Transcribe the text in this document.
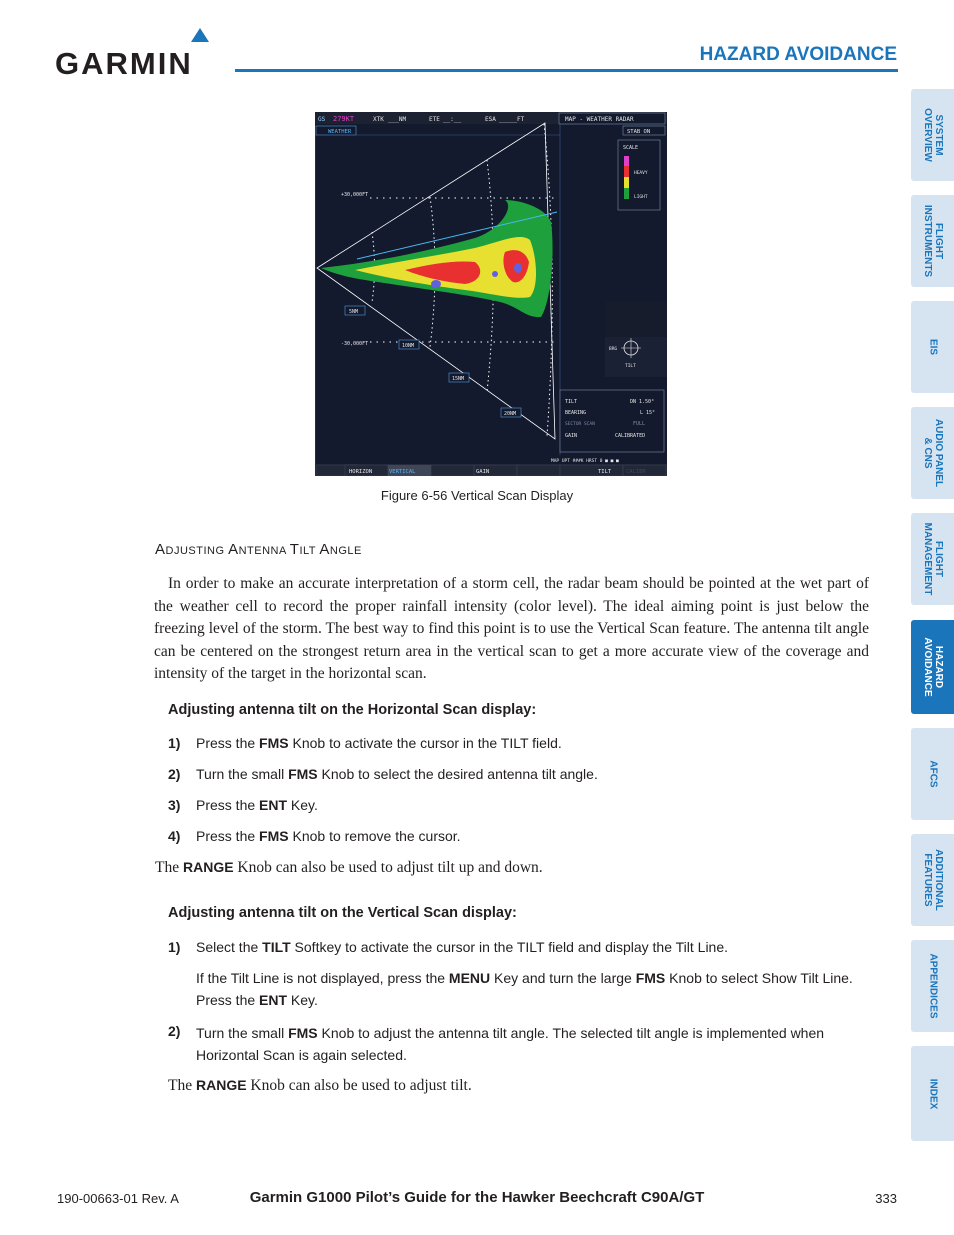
GARMIN	HAZARD AVOIDANCE
SYSTEM
OVERVIEW
FLIGHT
INSTRUMENTS
EIS
AUDIO PANEL
& CNS
FLIGHT
MANAGEMENT
HAZARD
AVOIDANCE
AFCS
ADDITIONAL
FEATURES
APPENDICES
INDEX
GS 279KT	XTK ___NM	ETE __:__	ESA _____FT	MAP - WEATHER RADAR
WEATHER	STAB ON
+30,000FT
-30,000FT
5NM
10NM
15NM
20NM
SCALE
HEAVY
LIGHT
BRG
TILT
TILT	DN 1.50°
BEARING	L 15°
SECTOR SCAN	FULL
GAIN	CALIBRATED
MAP UPT ###K HRST 0 ■ ■ ■
HORIZON	VERTICAL	GAIN	TILT	CALIBR
Figure 6-56 Vertical Scan Display
ADJUSTING ANTENNA TILT ANGLE
In order to make an accurate interpretation of a storm cell, the radar beam should be pointed at the wet part of the weather cell to record the proper rainfall intensity (color level). The ideal aiming point is just below the freezing level of the storm. The best way to find this point is to use the Vertical Scan feature. The antenna tilt angle can be centered on the strongest return area in the vertical scan to get a more accurate view of the coverage and intensity of the target in the horizontal scan.
Adjusting antenna tilt on the Horizontal Scan display:
1) Press the FMS Knob to activate the cursor in the TILT field.
2) Turn the small FMS Knob to select the desired antenna tilt angle.
3) Press the ENT Key.
4) Press the FMS Knob to remove the cursor.
The RANGE Knob can also be used to adjust tilt up and down.
Adjusting antenna tilt on the Vertical Scan display:
1) Select the TILT Softkey to activate the cursor in the TILT field and display the Tilt Line.
If the Tilt Line is not displayed, press the MENU Key and turn the large FMS Knob to select Show Tilt Line. Press the ENT Key.
2) Turn the small FMS Knob to adjust the antenna tilt angle. The selected tilt angle is implemented when Horizontal Scan is again selected.
The RANGE Knob can also be used to adjust tilt.
190-00663-01 Rev. A	Garmin G1000 Pilot’s Guide for the Hawker Beechcraft C90A/GT	333
